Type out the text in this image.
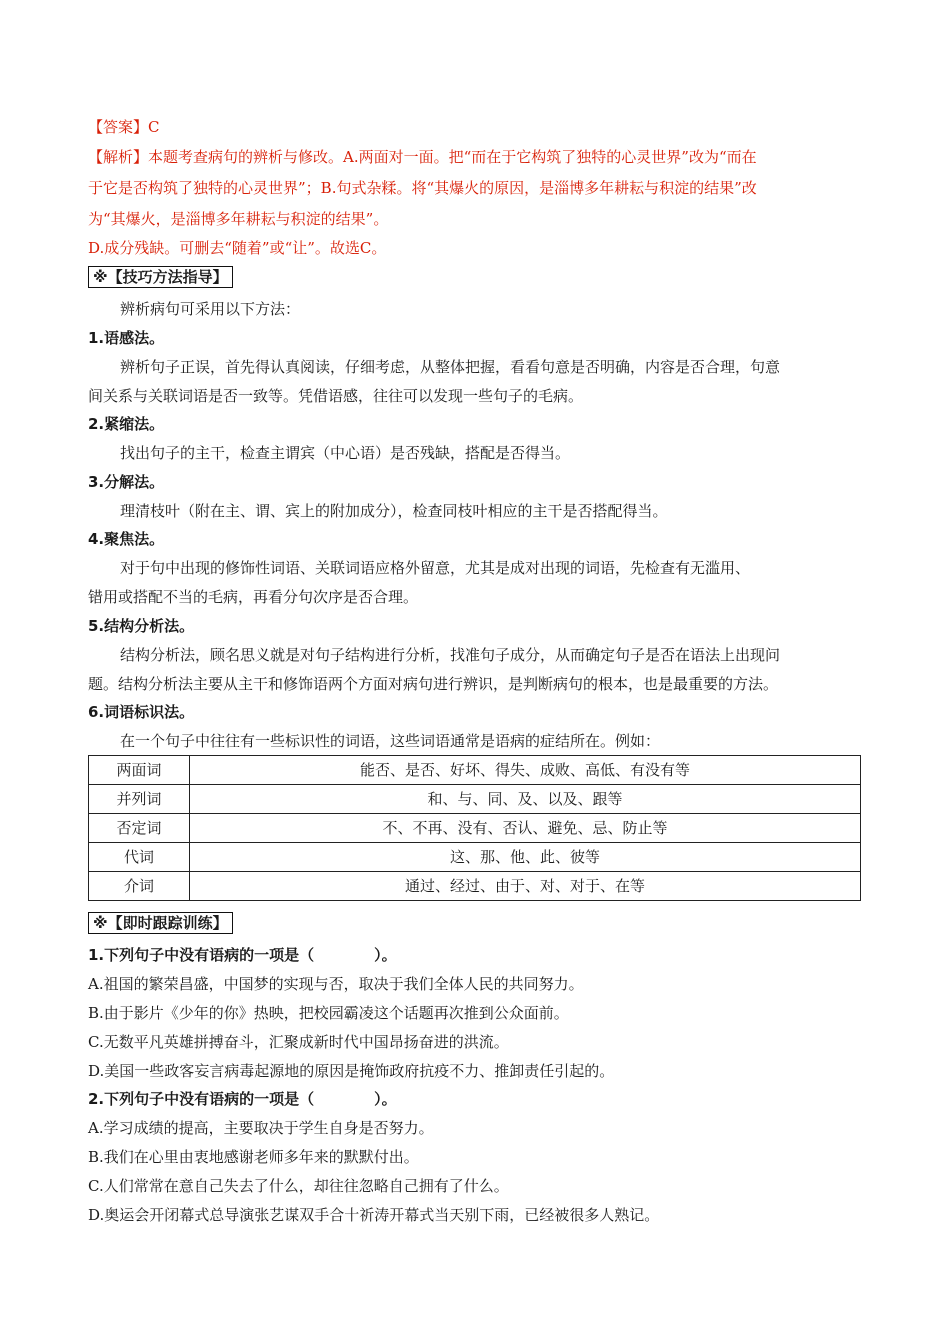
【答案】C
【解析】本题考查病句的辨析与修改。A.两面对一面。把“而在于它构筑了独特的心灵世界”改为“而在
于它是否构筑了独特的心灵世界”；B.句式杂糅。将“其爆火的原因，是淄博多年耕耘与积淀的结果”改
为“其爆火，是淄博多年耕耘与积淀的结果”。
D.成分残缺。可删去“随着”或“让”。故选C。
※【技巧方法指导】
辨析病句可采用以下方法：
1.语感法。
辨析句子正误，首先得认真阅读，仔细考虑，从整体把握，看看句意是否明确，内容是否合理，句意
间关系与关联词语是否一致等。凭借语感，往往可以发现一些句子的毛病。
2.紧缩法。
找出句子的主干，检查主谓宾（中心语）是否残缺，搭配是否得当。
3.分解法。
理清枝叶（附在主、谓、宾上的附加成分），检查同枝叶相应的主干是否搭配得当。
4.聚焦法。
对于句中出现的修饰性词语、关联词语应格外留意，尤其是成对出现的词语，先检查有无滥用、
错用或搭配不当的毛病，再看分句次序是否合理。
5.结构分析法。
结构分析法，顾名思义就是对句子结构进行分析，找准句子成分，从而确定句子是否在语法上出现问
题。结构分析法主要从主干和修饰语两个方面对病句进行辨识，是判断病句的根本，也是最重要的方法。
6.词语标识法。
在一个句子中往往有一些标识性的词语，这些词语通常是语病的症结所在。例如：
两面词	能否、是否、好坏、得失、成败、高低、有没有等
并列词	和、与、同、及、以及、跟等
否定词	不、不再、没有、否认、避免、忌、防止等
代词	这、那、他、此、彼等
介词	通过、经过、由于、对、对于、在等
※【即时跟踪训练】
1.下列句子中没有语病的一项是（　　　　）。
A.祖国的繁荣昌盛，中国梦的实现与否，取决于我们全体人民的共同努力。
B.由于影片《少年的你》热映，把校园霸凌这个话题再次推到公众面前。
C.无数平凡英雄拼搏奋斗，汇聚成新时代中国昂扬奋进的洪流。
D.美国一些政客妄言病毒起源地的原因是掩饰政府抗疫不力、推卸责任引起的。
2.下列句子中没有语病的一项是（　　　　）。
A.学习成绩的提高，主要取决于学生自身是否努力。
B.我们在心里由衷地感谢老师多年来的默默付出。
C.人们常常在意自己失去了什么，却往往忽略自己拥有了什么。
D.奥运会开闭幕式总导演张艺谋双手合十祈涛开幕式当天别下雨，已经被很多人熟记。
